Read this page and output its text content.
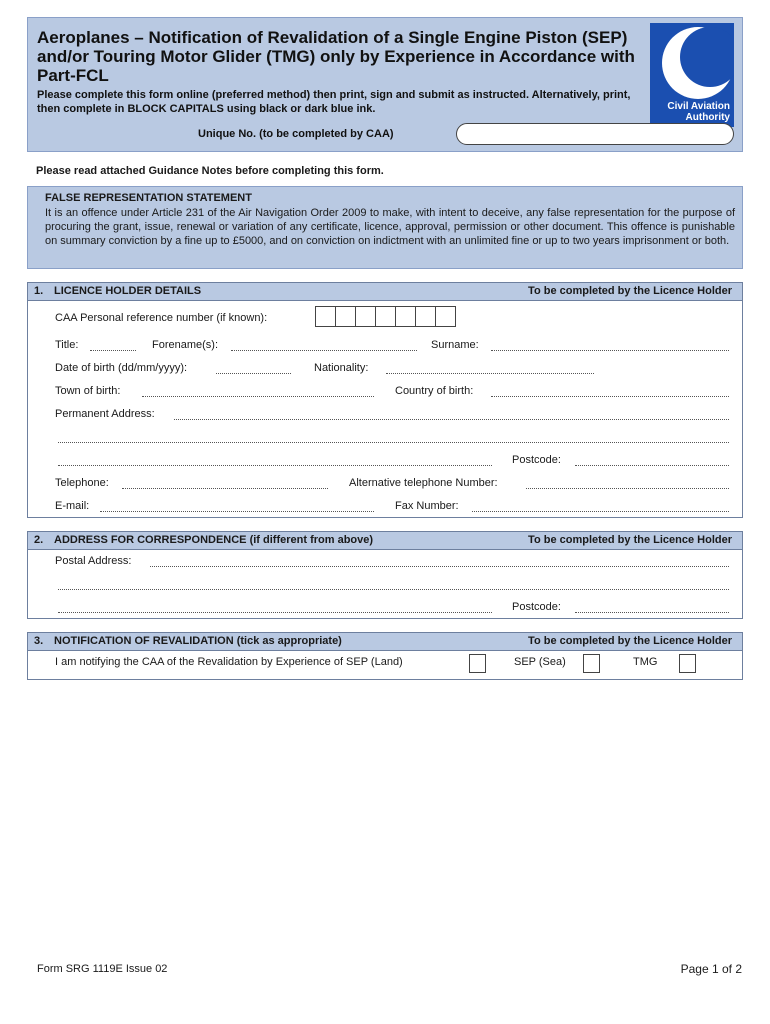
Aeroplanes – Notification of Revalidation of a Single Engine Piston (SEP) and/or Touring Motor Glider (TMG) only by Experience in Accordance with Part-FCL
Please complete this form online (preferred method) then print, sign and submit as instructed. Alternatively, print, then complete in BLOCK CAPITALS using black or dark blue ink.	Civil Aviation Authority
Unique No. (to be completed by CAA)
Please read attached Guidance Notes before completing this form.
FALSE REPRESENTATION STATEMENT
It is an offence under Article 231 of the Air Navigation Order 2009 to make, with intent to deceive, any false representation for the purpose of procuring the grant, issue, renewal or variation of any certificate, licence, approval, permission or other document. This offence is punishable on summary conviction by a fine up to £5000, and on conviction on indictment with an unlimited fine or up to two years imprisonment or both.
1. LICENCE HOLDER DETAILS	To be completed by the Licence Holder
CAA Personal reference number (if known):
Title:	Forename(s):	Surname:
Date of birth (dd/mm/yyyy):	Nationality:
Town of birth:	Country of birth:
Permanent Address:
Postcode:
Telephone:	Alternative telephone Number:
E-mail:	Fax Number:
2. ADDRESS FOR CORRESPONDENCE (if different from above)	To be completed by the Licence Holder
Postal Address:
Postcode:
3. NOTIFICATION OF REVALIDATION (tick as appropriate)	To be completed by the Licence Holder
I am notifying the CAA of the Revalidation by Experience of SEP (Land)	SEP (Sea)	TMG
Form SRG 1119E Issue 02	Page 1 of 2
